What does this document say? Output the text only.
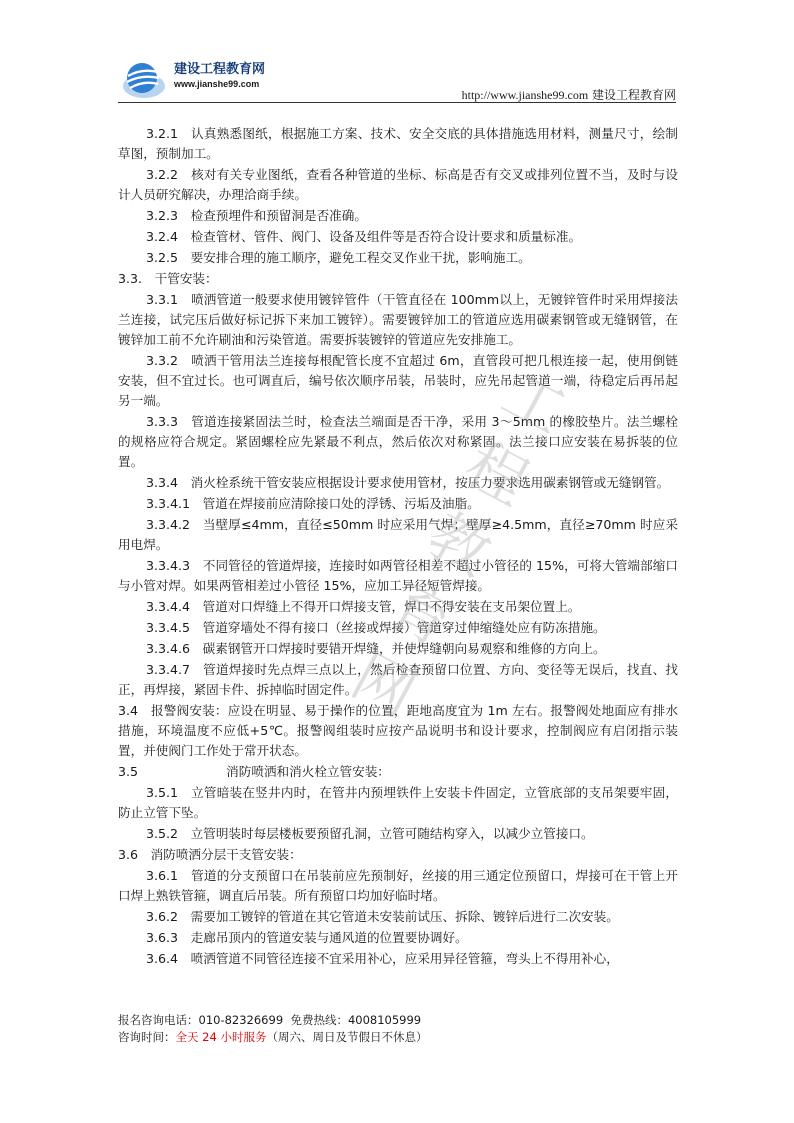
建设工程教育网
www.jianshe99.com
http://www.jianshe99.com 建设工程教育网

3.2.1　认真熟悉图纸，根据施工方案、技术、安全交底的具体措施选用材料，测量尺寸，绘制草图，预制加工。

3.2.2　核对有关专业图纸，查看各种管道的坐标、标高是否有交叉或排列位置不当，及时与设计人员研究解决，办理洽商手续。

3.2.3　检查预埋件和预留洞是否准确。

3.2.4　检查管材、管件、阀门、设备及组件等是否符合设计要求和质量标准。

3.2.5　要安排合理的施工顺序，避免工程交叉作业干扰，影响施工。

3.3.　干管安装：

3.3.1　喷洒管道一般要求使用镀锌管件（干管直径在 100mm以上，无镀锌管件时采用焊接法兰连接，试完压后做好标记拆下来加工镀锌）。需要镀锌加工的管道应选用碳素钢管或无缝钢管，在镀锌加工前不允许刷油和污染管道。需要拆装镀锌的管道应先安排施工。

3.3.2　喷洒干管用法兰连接每根配管长度不宜超过 6m，直管段可把几根连接一起，使用倒链安装，但不宜过长。也可调直后，编号依次顺序吊装，吊装时，应先吊起管道一端，待稳定后再吊起另一端。

3.3.3　管道连接紧固法兰时，检查法兰端面是否干净，采用 3～5mm 的橡胶垫片。法兰螺栓的规格应符合规定。紧固螺栓应先紧最不利点，然后依次对称紧固。法兰接口应安装在易拆装的位置。

3.3.4　消火栓系统干管安装应根据设计要求使用管材，按压力要求选用碳素钢管或无缝钢管。

3.3.4.1　管道在焊接前应清除接口处的浮锈、污垢及油脂。

3.3.4.2　当壁厚≤4mm，直径≤50mm 时应采用气焊；壁厚≥4.5mm，直径≥70mm 时应采用电焊。

3.3.4.3　不同管径的管道焊接，连接时如两管径相差不超过小管径的 15%，可将大管端部缩口与小管对焊。如果两管相差过小管径 15%，应加工异径短管焊接。

3.3.4.4　管道对口焊缝上不得开口焊接支管，焊口不得安装在支吊架位置上。

3.3.4.5　管道穿墙处不得有接口（丝接或焊接）管道穿过伸缩缝处应有防冻措施。

3.3.4.6　碳素钢管开口焊接时要错开焊缝，并使焊缝朝向易观察和维修的方向上。

3.3.4.7　管道焊接时先点焊三点以上，然后检查预留口位置、方向、变径等无误后，找直、找正，再焊接，紧固卡件、拆掉临时固定件。

3.4　报警阀安装：应设在明显、易于操作的位置，距地高度宜为 1m 左右。报警阀处地面应有排水措施，环境温度不应低+5℃。报警阀组装时应按产品说明书和设计要求，控制阀应有启闭指示装置，并使阀门工作处于常开状态。

3.5　　　　　　　消防喷洒和消火栓立管安装：

3.5.1　立管暗装在竖井内时，在管井内预埋铁件上安装卡件固定，立管底部的支吊架要牢固，防止立管下坠。

3.5.2　立管明装时每层楼板要预留孔洞，立管可随结构穿入，以减少立管接口。

3.6　消防喷洒分层干支管安装：

3.6.1　管道的分支预留口在吊装前应先预制好，丝接的用三通定位预留口，焊接可在干管上开口焊上熟铁管箍，调直后吊装。所有预留口均加好临时堵。

3.6.2　需要加工镀锌的管道在其它管道未安装前试压、拆除、镀锌后进行二次安装。

3.6.3　走廊吊顶内的管道安装与通风道的位置要协调好。

3.6.4　喷洒管道不同管径连接不宜采用补心，应采用异径管箍，弯头上不得用补心，

工程教育网
报名咨询电话：010-82326699 免费热线：4008105999
咨询时间：全天 24 小时服务（周六、周日及节假日不休息）
